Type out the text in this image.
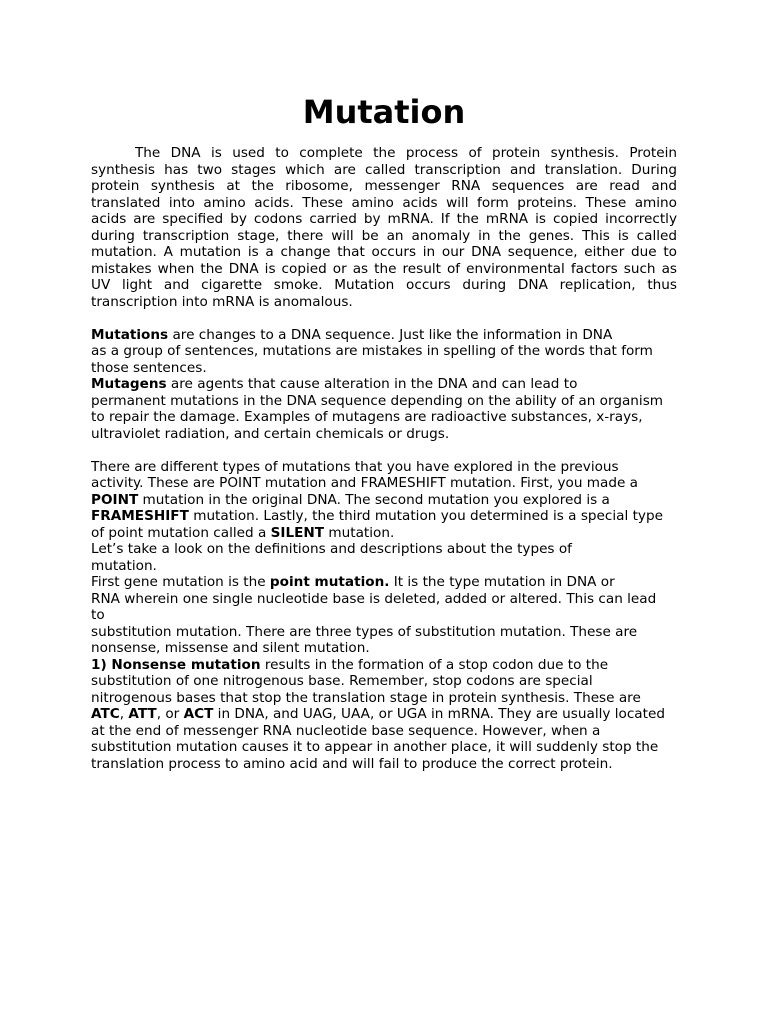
Mutation
The DNA is used to complete the process of protein synthesis. Protein
synthesis has two stages which are called transcription and translation. During
protein synthesis at the ribosome, messenger RNA sequences are read and
translated into amino acids. These amino acids will form proteins. These amino
acids are specified by codons carried by mRNA. If the mRNA is copied incorrectly
during transcription stage, there will be an anomaly in the genes. This is called
mutation. A mutation is a change that occurs in our DNA sequence, either due to
mistakes when the DNA is copied or as the result of environmental factors such as
UV light and cigarette smoke. Mutation occurs during DNA replication, thus
transcription into mRNA is anomalous.
Mutations are changes to a DNA sequence. Just like the information in DNA
as a group of sentences, mutations are mistakes in spelling of the words that form
those sentences.
Mutagens are agents that cause alteration in the DNA and can lead to
permanent mutations in the DNA sequence depending on the ability of an organism
to repair the damage. Examples of mutagens are radioactive substances, x-rays,
ultraviolet radiation, and certain chemicals or drugs.
There are different types of mutations that you have explored in the previous
activity. These are POINT mutation and FRAMESHIFT mutation. First, you made a
POINT mutation in the original DNA. The second mutation you explored is a
FRAMESHIFT mutation. Lastly, the third mutation you determined is a special type
of point mutation called a SILENT mutation.
Let’s take a look on the definitions and descriptions about the types of
mutation.
First gene mutation is the point mutation. It is the type mutation in DNA or
RNA wherein one single nucleotide base is deleted, added or altered. This can lead
to
substitution mutation. There are three types of substitution mutation. These are
nonsense, missense and silent mutation.
1) Nonsense mutation results in the formation of a stop codon due to the
substitution of one nitrogenous base. Remember, stop codons are special
nitrogenous bases that stop the translation stage in protein synthesis. These are
ATC, ATT, or ACT in DNA, and UAG, UAA, or UGA in mRNA. They are usually located
at the end of messenger RNA nucleotide base sequence. However, when a
substitution mutation causes it to appear in another place, it will suddenly stop the
translation process to amino acid and will fail to produce the correct protein.
